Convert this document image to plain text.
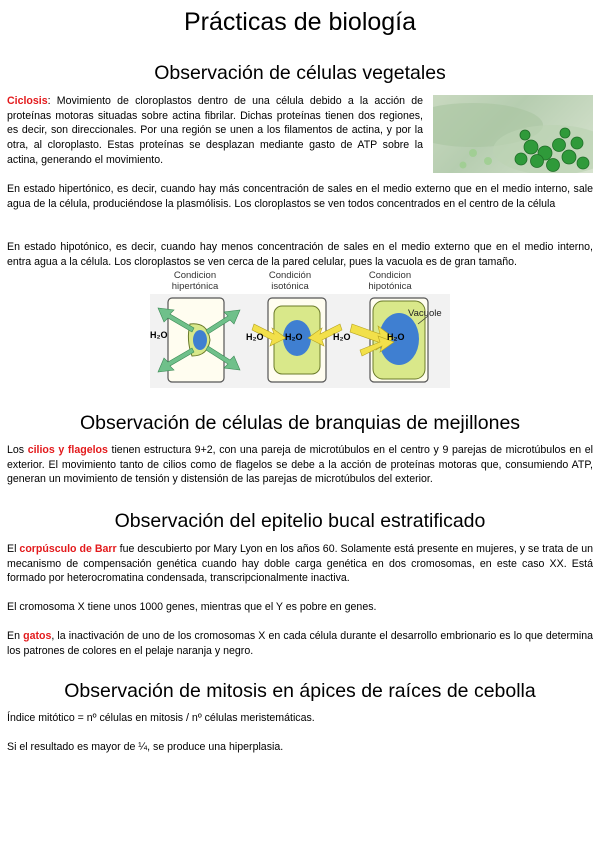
Prácticas de biología
Observación de células vegetales

Ciclosis: Movimiento de cloroplastos dentro de una célula debido a la acción de proteínas motoras situadas sobre actina fibrilar. Dichas proteínas tienen dos regiones, es decir, son direccionales. Por una región se unen a los filamentos de actina, y por la otra, al cloroplasto. Estas proteínas se desplazan mediante gasto de ATP sobre la actina, generando el movimiento.

En estado hipertónico, es decir, cuando hay más concentración de sales en el medio externo que en el medio interno, sale agua de la célula, produciéndose la plasmólisis. Los cloroplastos se ven todos concentrados en el centro de la célula

En estado hipotónico, es decir, cuando hay menos concentración de sales en el medio externo que en el medio interno, entra agua a la célula. Los cloroplastos se ven cerca de la pared celular, pues la vacuola es de gran tamaño.

Condicion
hipertónica
Condición
isotónica
Condicion
hipotónica
H₂O	H₂O H₂O	H₂O	H₂O
Vacuole
Observación de células de branquias de mejillones

Los cilios y flagelos tienen estructura 9+2, con una pareja de microtúbulos en el centro y 9 parejas de microtúbulos en el exterior. El movimiento tanto de cilios como de flagelos se debe a la acción de proteínas motoras que, consumiendo ATP, generan un movimiento de tensión y distensión de las parejas de microtúbulos del exterior.

Observación del epitelio bucal estratificado

El corpúsculo de Barr fue descubierto por Mary Lyon en los años 60. Solamente está presente en mujeres, y se trata de un mecanismo de compensación genética cuando hay doble carga genética en dos cromosomas, en este caso XX. Está formado por heterocromatina condensada, transcripcionalmente inactiva.

El cromosoma X tiene unos 1000 genes, mientras que el Y es pobre en genes.

En gatos, la inactivación de uno de los cromosomas X en cada célula durante el desarrollo embrionario es lo que determina los patrones de colores en el pelaje naranja y negro.

Observación de mitosis en ápices de raíces de cebolla

Índice mitótico = nº células en mitosis / nº células meristemáticas.

Si el resultado es mayor de ¼, se produce una hiperplasia.
